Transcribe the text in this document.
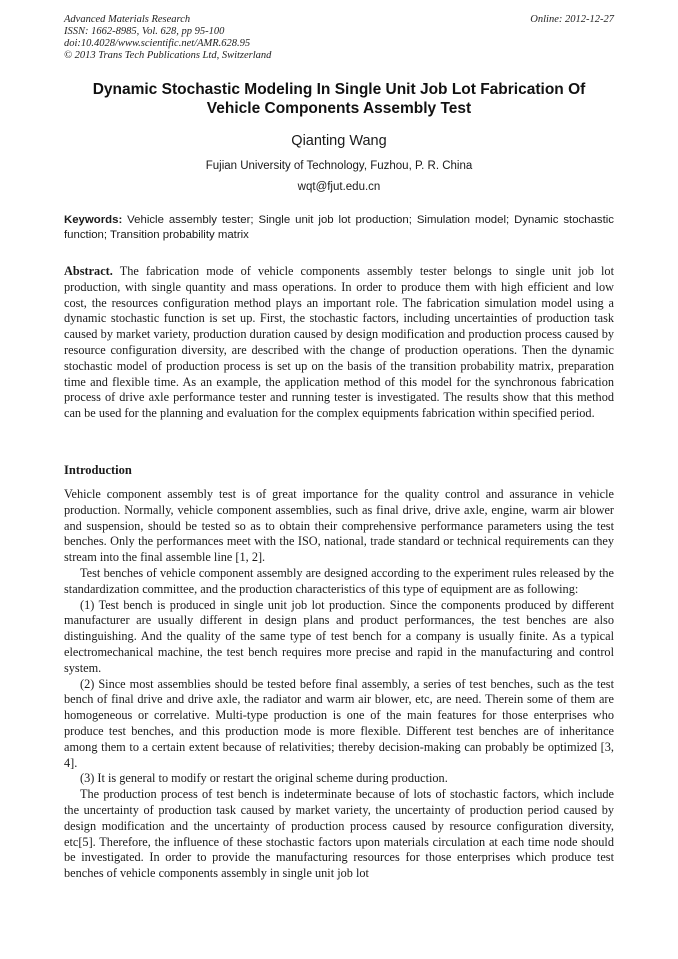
Advanced Materials Research
ISSN: 1662-8985, Vol. 628, pp 95-100
doi:10.4028/www.scientific.net/AMR.628.95
© 2013 Trans Tech Publications Ltd, Switzerland
Online: 2012-12-27
Dynamic Stochastic Modeling In Single Unit Job Lot Fabrication Of
Vehicle Components Assembly Test
Qianting Wang
Fujian University of Technology, Fuzhou, P. R. China
wqt@fjut.edu.cn
Keywords: Vehicle assembly tester; Single unit job lot production; Simulation model; Dynamic stochastic function; Transition probability matrix
Abstract. The fabrication mode of vehicle components assembly tester belongs to single unit job lot production, with single quantity and mass operations. In order to produce them with high efficient and low cost, the resources configuration method plays an important role. The fabrication simulation model using a dynamic stochastic function is set up. First, the stochastic factors, including uncertainties of production task caused by market variety, production duration caused by design modification and production process caused by resource configuration diversity, are described with the change of production operations. Then the dynamic stochastic model of production process is set up on the basis of the transition probability matrix, preparation time and flexible time. As an example, the application method of this model for the synchronous fabrication process of drive axle performance tester and running tester is investigated. The results show that this method can be used for the planning and evaluation for the complex equipments fabrication within specified period.
Introduction

Vehicle component assembly test is of great importance for the quality control and assurance in vehicle production. Normally, vehicle component assemblies, such as final drive, drive axle, engine, warm air blower and suspension, should be tested so as to obtain their comprehensive performance parameters using the test benches. Only the performances meet with the ISO, national, trade standard or technical requirements can they stream into the final assemble line [1, 2].

Test benches of vehicle component assembly are designed according to the experiment rules released by the standardization committee, and the production characteristics of this type of equipment are as following:

(1) Test bench is produced in single unit job lot production. Since the components produced by different manufacturer are usually different in design plans and product performances, the test benches are also distinguishing. And the quality of the same type of test bench for a company is usually finite. As a typical electromechanical machine, the test bench requires more precise and rapid in the manufacturing and control system.

(2) Since most assemblies should be tested before final assembly, a series of test benches, such as the test bench of final drive and drive axle, the radiator and warm air blower, etc, are need. Therein some of them are homogeneous or correlative. Multi-type production is one of the main features for those enterprises who produce test benches, and this production mode is more flexible. Different test benches are of inheritance among them to a certain extent because of relativities; thereby decision-making can probably be optimized [3, 4].

(3) It is general to modify or restart the original scheme during production.

The production process of test bench is indeterminate because of lots of stochastic factors, which include the uncertainty of production task caused by market variety, the uncertainty of production period caused by design modification and the uncertainty of production process caused by resource configuration diversity, etc[5]. Therefore, the influence of these stochastic factors upon materials circulation at each time node should be investigated. In order to provide the manufacturing resources for those enterprises which produce test benches of vehicle components assembly in single unit job lot
